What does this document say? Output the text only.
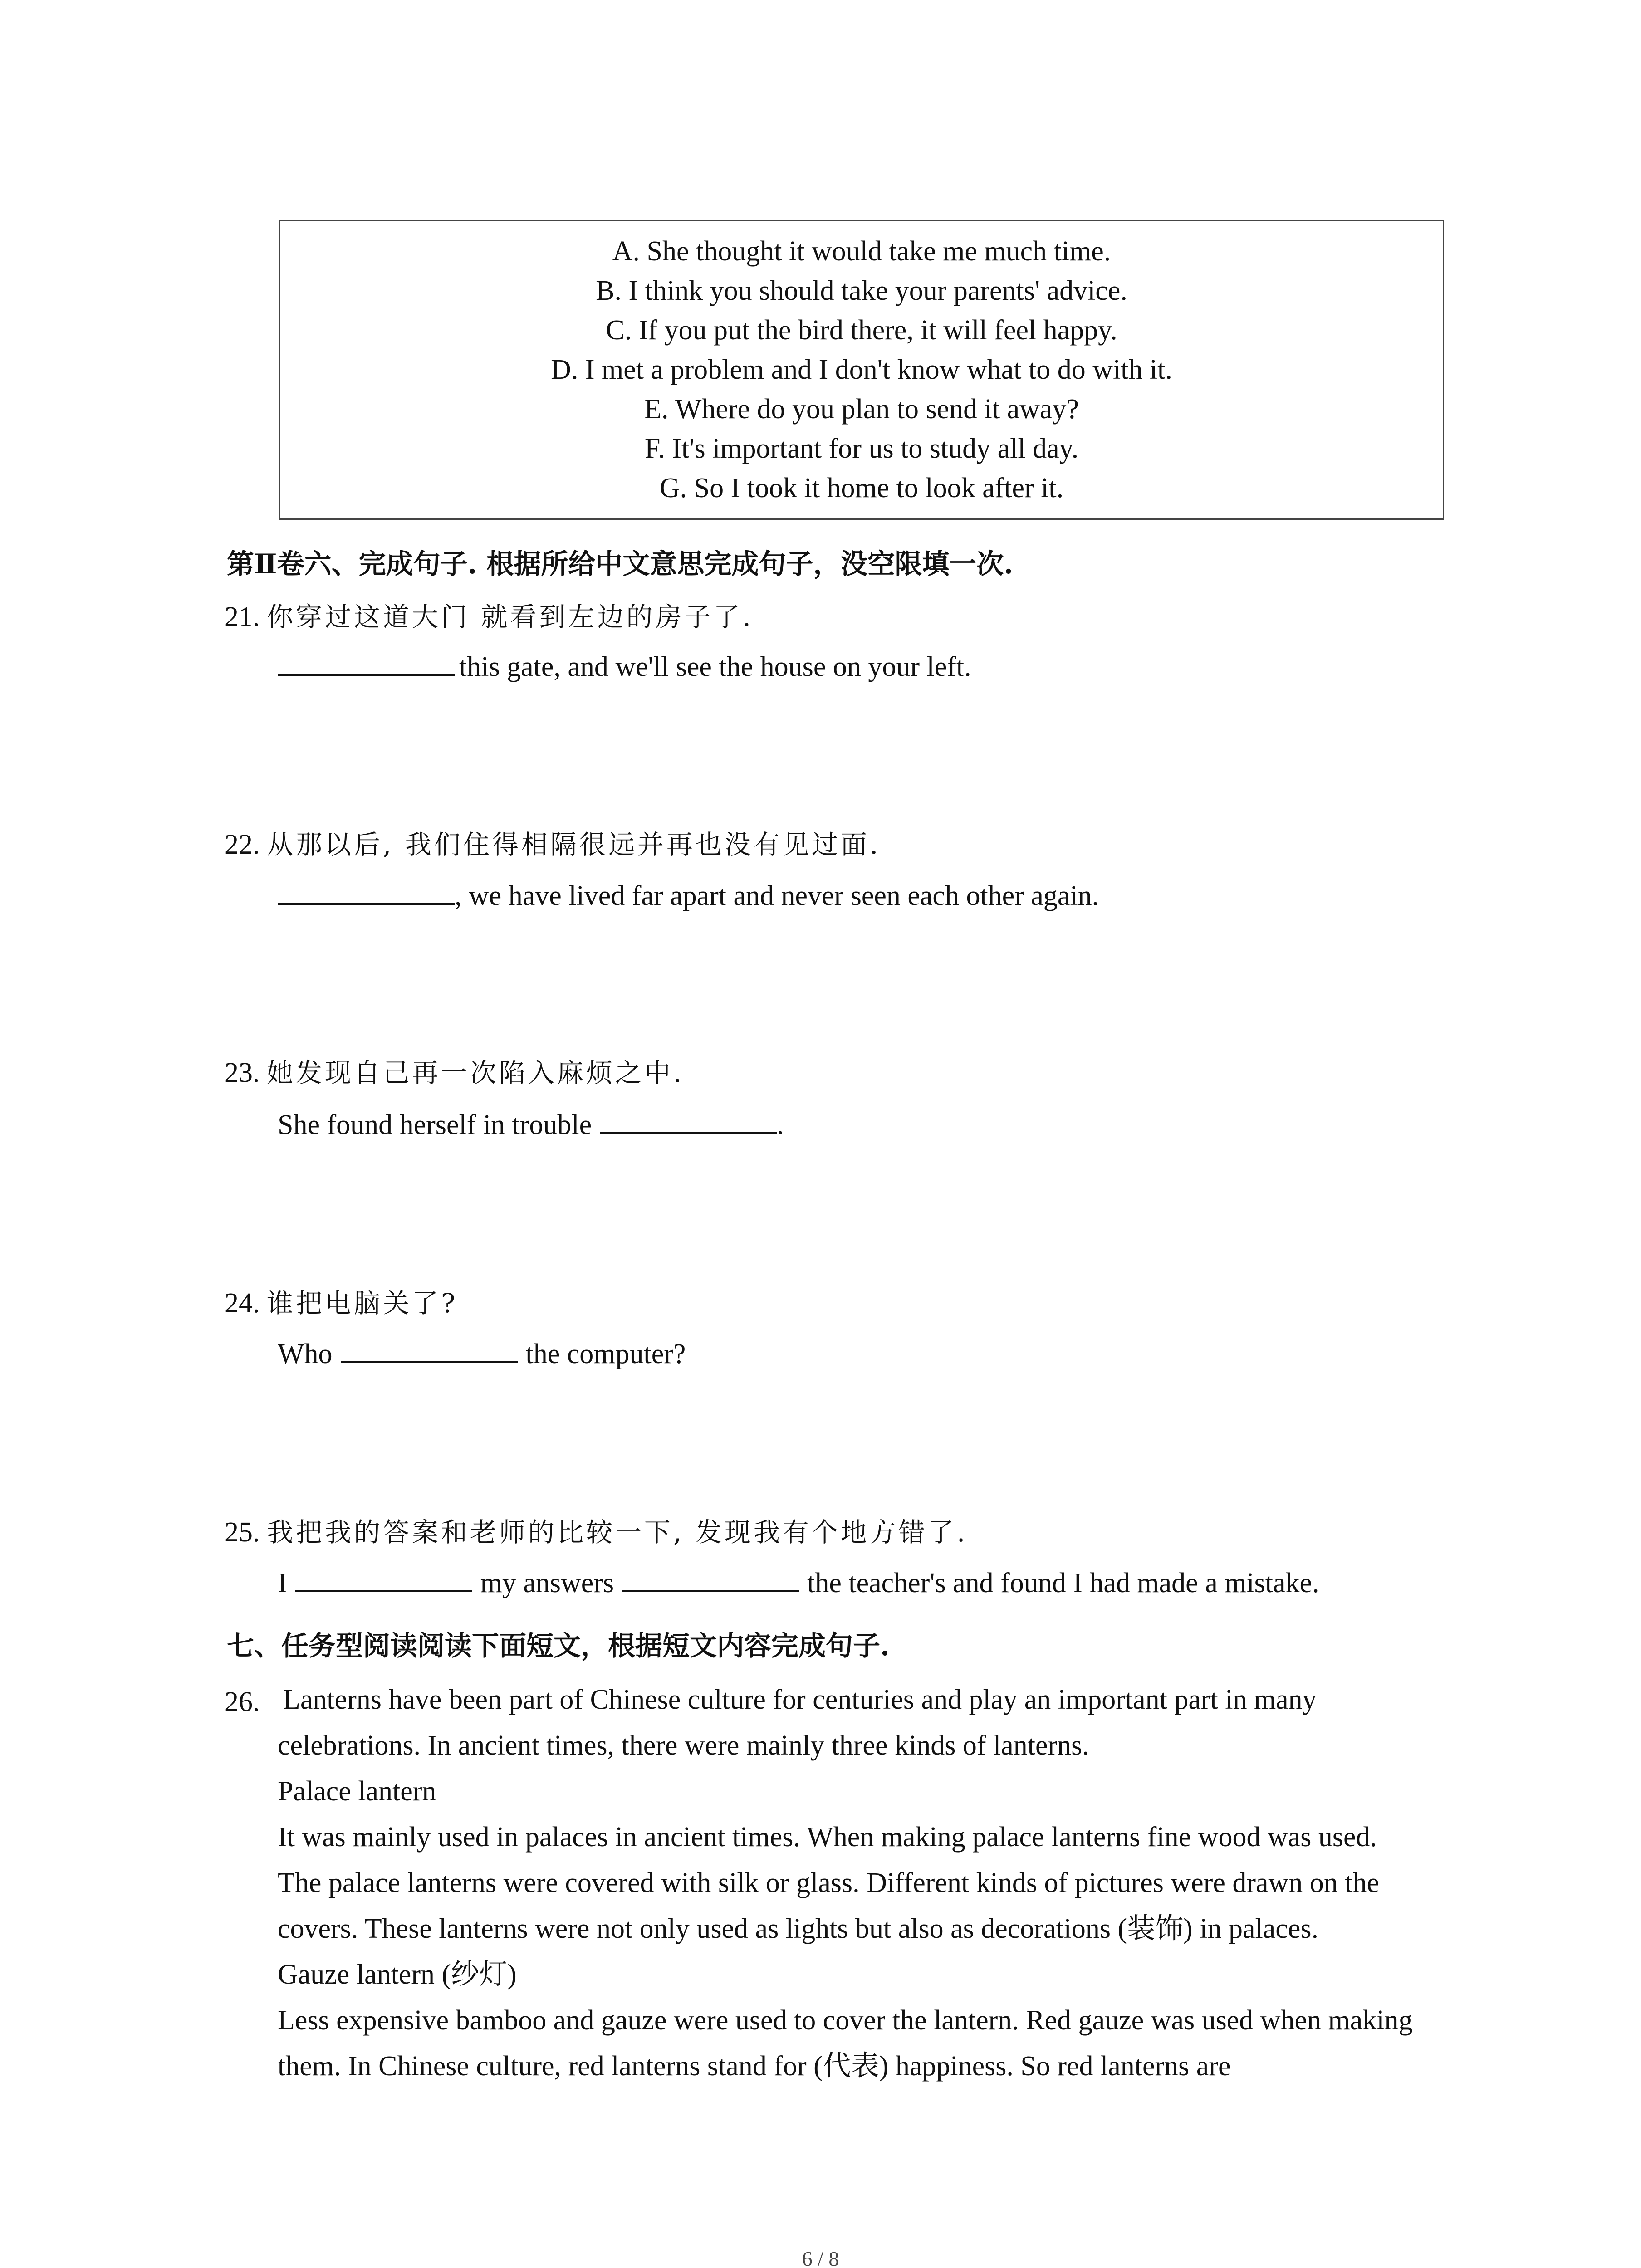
A. She thought it would take me much time.
B. I think you should take your parents' advice.
C. If you put the bird there, it will feel happy.
D. I met a problem and I don't know what to do with it.
E. Where do you plan to send it away?
F. It's important for us to study all day.
G. So I took it home to look after it.
第Ⅱ卷六、完成句子. 根据所给中文意思完成句子，没空限填一次.
21. 你穿过这道大门 就看到左边的房子了.
this gate, and we'll see the house on your left.
22. 从那以后, 我们住得相隔很远并再也没有见过面.
, we have lived far apart and never seen each other again.
23. 她发现自己再一次陷入麻烦之中.
She found herself in trouble	.
24. 谁把电脑关了?
Who	the computer?
25. 我把我的答案和老师的比较一下, 发现我有个地方错了.
I	my answers	the teacher's and found I had made a mistake.
七、任务型阅读阅读下面短文，根据短文内容完成句子.
26. Lanterns have been part of Chinese culture for centuries and play an important part in many celebrations. In ancient times, there were mainly three kinds of lanterns.

Palace lantern

It was mainly used in palaces in ancient times. When making palace lanterns fine wood was used. The palace lanterns were covered with silk or glass. Different kinds of pictures were drawn on the covers. These lanterns were not only used as lights but also as decorations (装饰) in palaces.

Gauze lantern (纱灯)

Less expensive bamboo and gauze were used to cover the lantern. Red gauze was used when making them. In Chinese culture, red lanterns stand for (代表) happiness. So red lanterns are

6 / 8
